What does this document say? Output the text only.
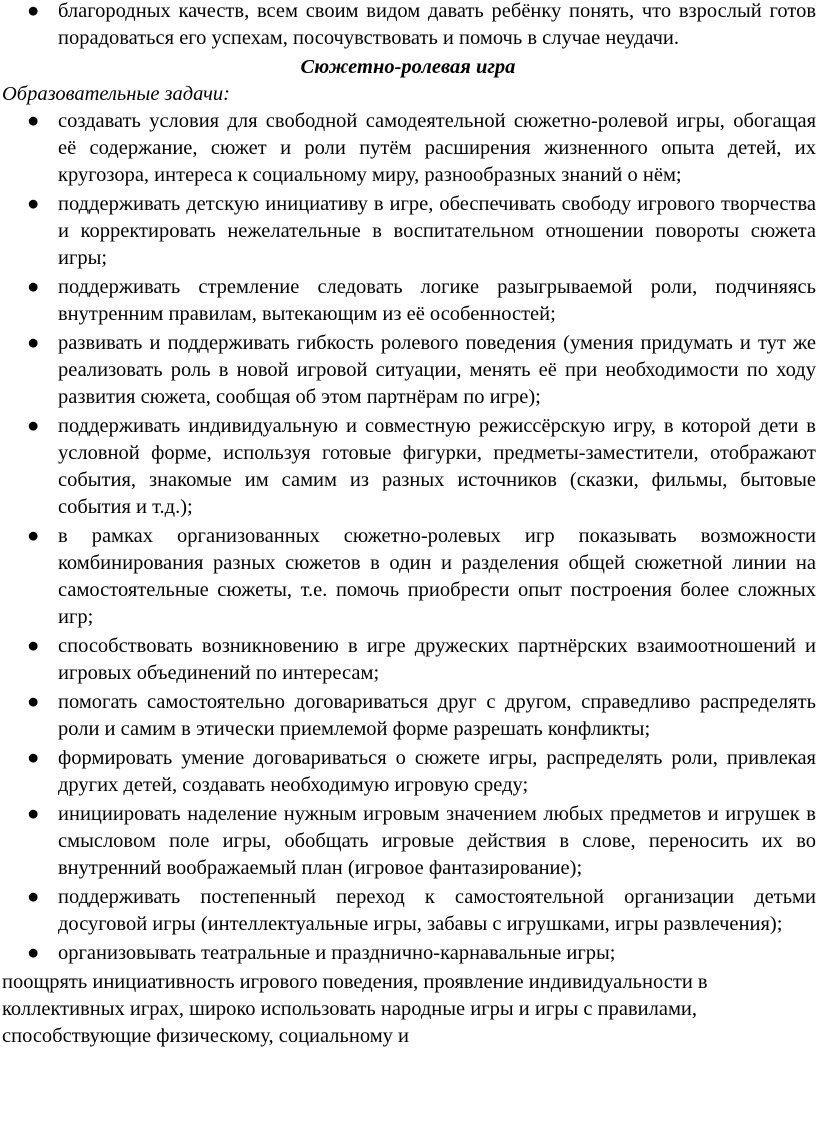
● благородных качеств, всем своим видом давать ребёнку понять, что взрослый готов порадоваться его успехам, посочувствовать и помочь в случае неудачи.

Сюжетно-ролевая игра

Образовательные задачи:

● создавать условия для свободной самодеятельной сюжетно-ролевой игры, обогащая её содержание, сюжет и роли путём расширения жизненного опыта детей, их кругозора, интереса к социальному миру, разнообразных знаний о нём;
● поддерживать детскую инициативу в игре, обеспечивать свободу игрового творчества и корректировать нежелательные в воспитательном отношении повороты сюжета игры;
● поддерживать стремление следовать логике разыгрываемой роли, подчиняясь внутренним правилам, вытекающим из её особенностей;
● развивать и поддерживать гибкость ролевого поведения (умения придумать и тут же реализовать роль в новой игровой ситуации, менять её при необходимости по ходу развития сюжета, сообщая об этом партнёрам по игре);
● поддерживать индивидуальную и совместную режиссёрскую игру, в которой дети в условной форме, используя готовые фигурки, предметы-заместители, отображают события, знакомые им самим из разных источников (сказки, фильмы, бытовые события и т.д.);
● в рамках организованных сюжетно-ролевых игр показывать возможности комбинирования разных сюжетов в один и разделения общей сюжетной линии на самостоятельные сюжеты, т.е. помочь приобрести опыт построения более сложных игр;
● способствовать возникновению в игре дружеских партнёрских взаимоотношений и игровых объединений по интересам;
● помогать самостоятельно договариваться друг с другом, справедливо распределять роли и самим в этически приемлемой форме разрешать конфликты;
● формировать умение договариваться о сюжете игры, распределять роли, привлекая других детей, создавать необходимую игровую среду;
● инициировать наделение нужным игровым значением любых предметов и игрушек в смысловом поле игры, обобщать игровые действия в слове, переносить их во внутренний воображаемый план (игровое фантазирование);
● поддерживать постепенный переход к самостоятельной организации детьми досуговой игры (интеллектуальные игры, забавы с игрушками, игры развлечения);
● организовывать театральные и празднично-карнавальные игры;

поощрять инициативность игрового поведения, проявление индивидуальности в коллективных играх, широко использовать народные игры и игры с правилами, способствующие физическому, социальному и
